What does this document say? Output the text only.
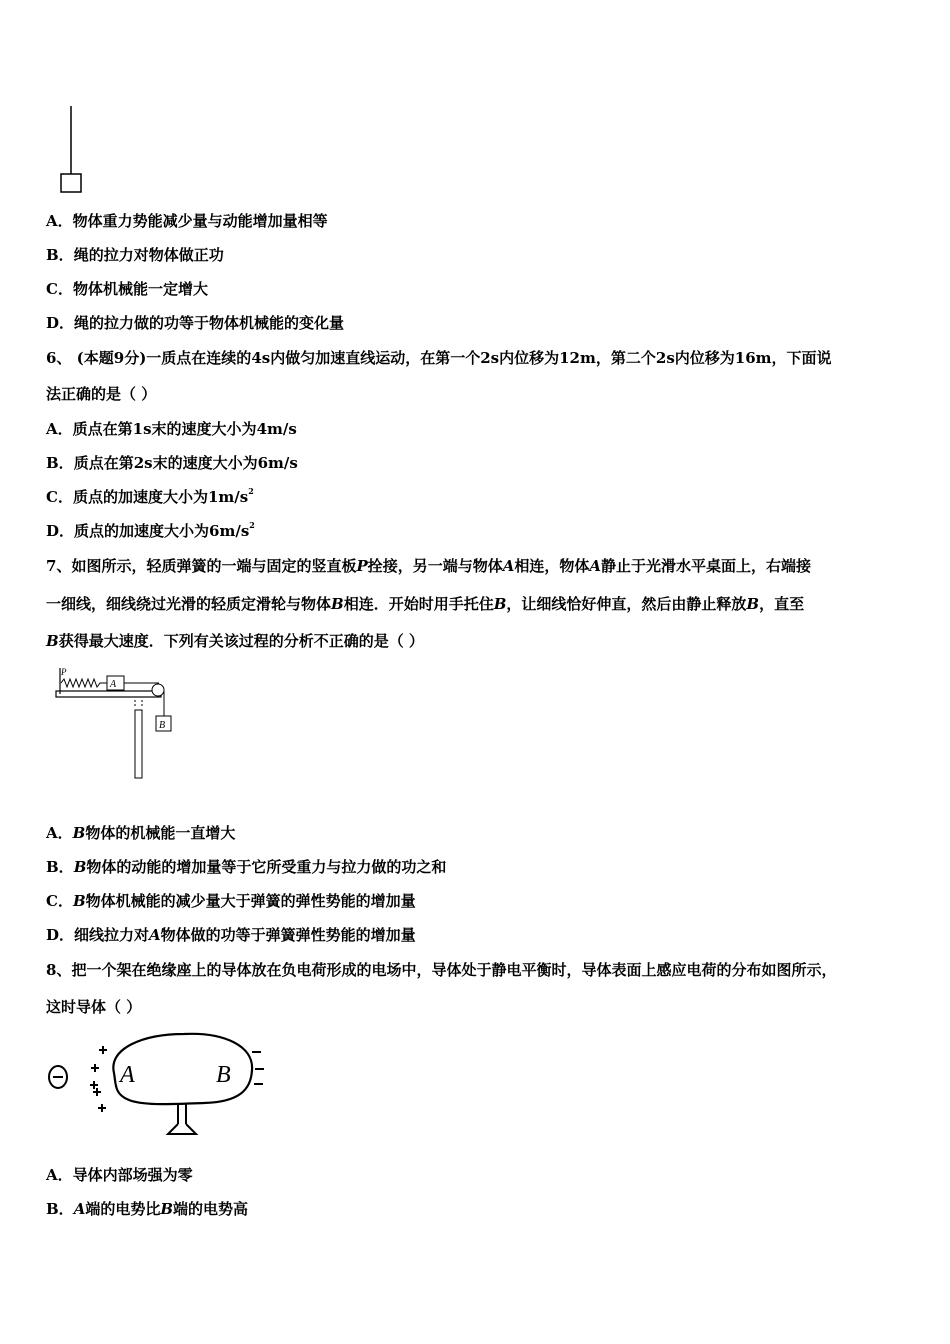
A．物体重力势能减少量与动能增加量相等
B．绳的拉力对物体做正功
C．物体机械能一定增大
D．绳的拉力做的功等于物体机械能的变化量
6、 (本题9分)一质点在连续的4s内做匀加速直线运动，在第一个2s内位移为12m，第二个2s内位移为16m，下面说
法正确的是（ ）
A．质点在第1s末的速度大小为4m/s
B．质点在第2s末的速度大小为6m/s
C．质点的加速度大小为$1m/s^2$
D．质点的加速度大小为$6m/s^2$
7、如图所示，轻质弹簧的一端与固定的竖直板P拴接，另一端与物体A相连，物体A静止于光滑水平桌面上，右端接
一细线，细线绕过光滑的轻质定滑轮与物体B相连．开始时用手托住B，让细线恰好伸直，然后由静止释放B，直至
B获得最大速度．下列有关该过程的分析不正确的是（ ）
P
A
B
A．B物体的机械能一直增大
B．B物体的动能的增加量等于它所受重力与拉力做的功之和
C．B物体机械能的减少量大于弹簧的弹性势能的增加量
D．细线拉力对A物体做的功等于弹簧弹性势能的增加量
8、把一个架在绝缘座上的导体放在负电荷形成的电场中，导体处于静电平衡时，导体表面上感应电荷的分布如图所示，
这时导体（ ）
A	B
A．导体内部场强为零
B．A端的电势比B端的电势高
